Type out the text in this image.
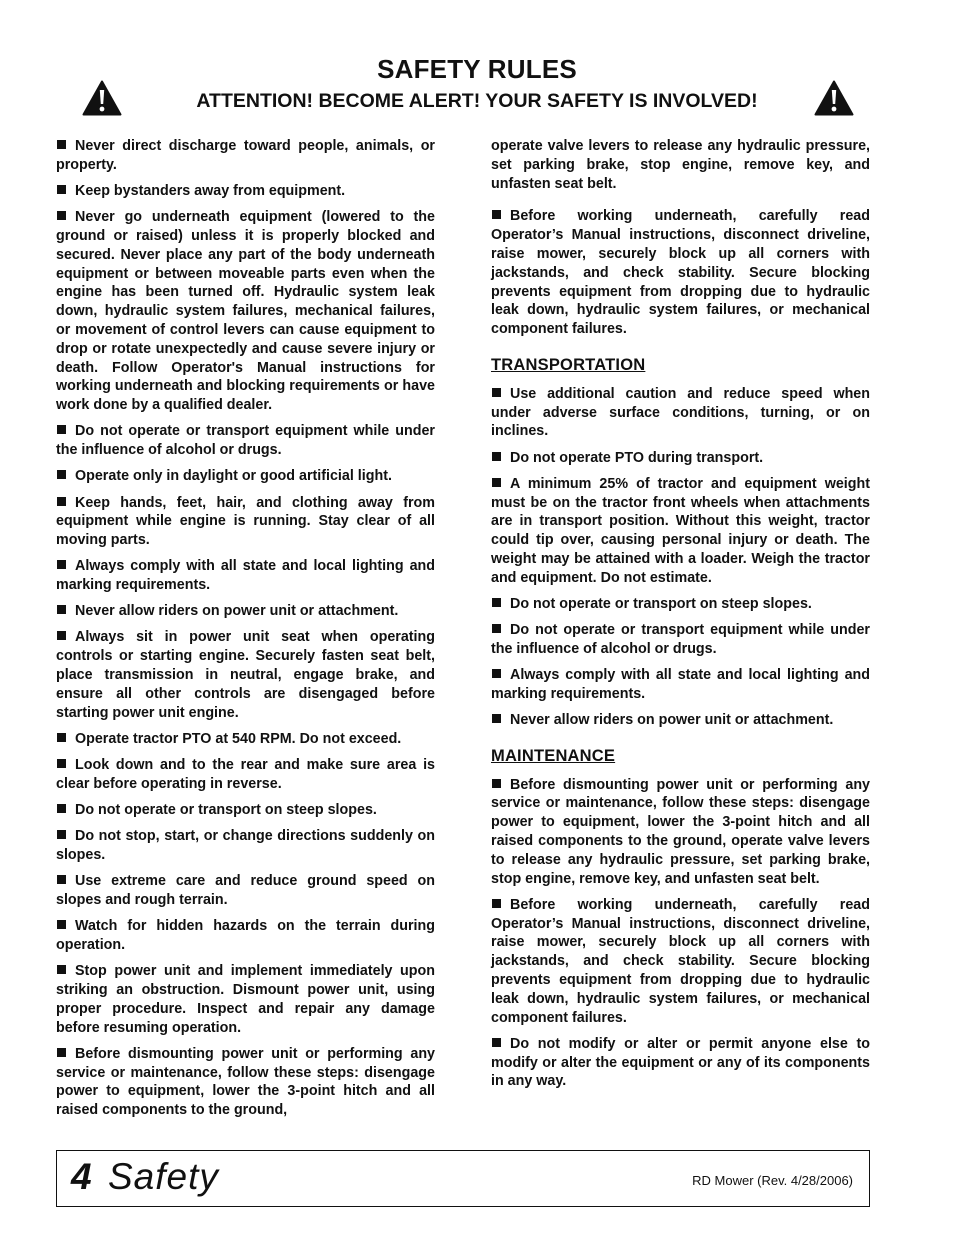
SAFETY RULES
ATTENTION! BECOME ALERT! YOUR SAFETY IS INVOLVED!

Never direct discharge toward people, animals, or property.

Keep bystanders away from equipment.

Never go underneath equipment (lowered to the ground or raised) unless it is properly blocked and secured. Never place any part of the body underneath equipment or between moveable parts even when the engine has been turned off. Hydraulic system leak down, hydraulic system failures, mechanical failures, or movement of control levers can cause equipment to drop or rotate unexpectedly and cause severe injury or death. Follow Operator's Manual instructions for working underneath and blocking requirements or have work done by a qualified dealer.

Do not operate or transport equipment while under the influence of alcohol or drugs.

Operate only in daylight or good artificial light.

Keep hands, feet, hair, and clothing away from equipment while engine is running. Stay clear of all moving parts.

Always comply with all state and local lighting and marking requirements.

Never allow riders on power unit or attachment.

Always sit in power unit seat when operating controls or starting engine. Securely fasten seat belt, place transmission in neutral, engage brake, and ensure all other controls are disengaged before starting power unit engine.

Operate tractor PTO at 540 RPM. Do not exceed.

Look down and to the rear and make sure area is clear before operating in reverse.

Do not operate or transport on steep slopes.

Do not stop, start, or change directions suddenly on slopes.

Use extreme care and reduce ground speed on slopes and rough terrain.

Watch for hidden hazards on the terrain during operation.

Stop power unit and implement immediately upon striking an obstruction. Dismount power unit, using proper procedure. Inspect and repair any damage before resuming operation.

Before dismounting power unit or performing any service or maintenance, follow these steps: disengage power to equipment, lower the 3-point hitch and all raised components to the ground,

operate valve levers to release any hydraulic pressure, set parking brake, stop engine, remove key, and unfasten seat belt.

Before working underneath, carefully read Operator’s Manual instructions, disconnect driveline, raise mower, securely block up all corners with jackstands, and check stability. Secure blocking prevents equipment from dropping due to hydraulic leak down, hydraulic system failures, or mechanical component failures.

TRANSPORTATION

Use additional caution and reduce speed when under adverse surface conditions, turning, or on inclines.

Do not operate PTO during transport.

A minimum 25% of tractor and equipment weight must be on the tractor front wheels when attachments are in transport position. Without this weight, tractor could tip over, causing personal injury or death. The weight may be attained with a loader. Weigh the tractor and equipment. Do not estimate.

Do not operate or transport on steep slopes.

Do not operate or transport equipment while under the influence of alcohol or drugs.

Always comply with all state and local lighting and marking requirements.

Never allow riders on power unit or attachment.

MAINTENANCE

Before dismounting power unit or performing any service or maintenance, follow these steps: disengage power to equipment, lower the 3-point hitch and all raised components to the ground, operate valve levers to release any hydraulic pressure, set parking brake, stop engine, remove key, and unfasten seat belt.

Before working underneath, carefully read Operator’s Manual instructions, disconnect driveline, raise mower, securely block up all corners with jackstands, and check stability. Secure blocking prevents equipment from dropping due to hydraulic leak down, hydraulic system failures, or mechanical component failures.

Do not modify or alter or permit anyone else to modify or alter the equipment or any of its components in any way.

4 Safety	RD Mower (Rev. 4/28/2006)
